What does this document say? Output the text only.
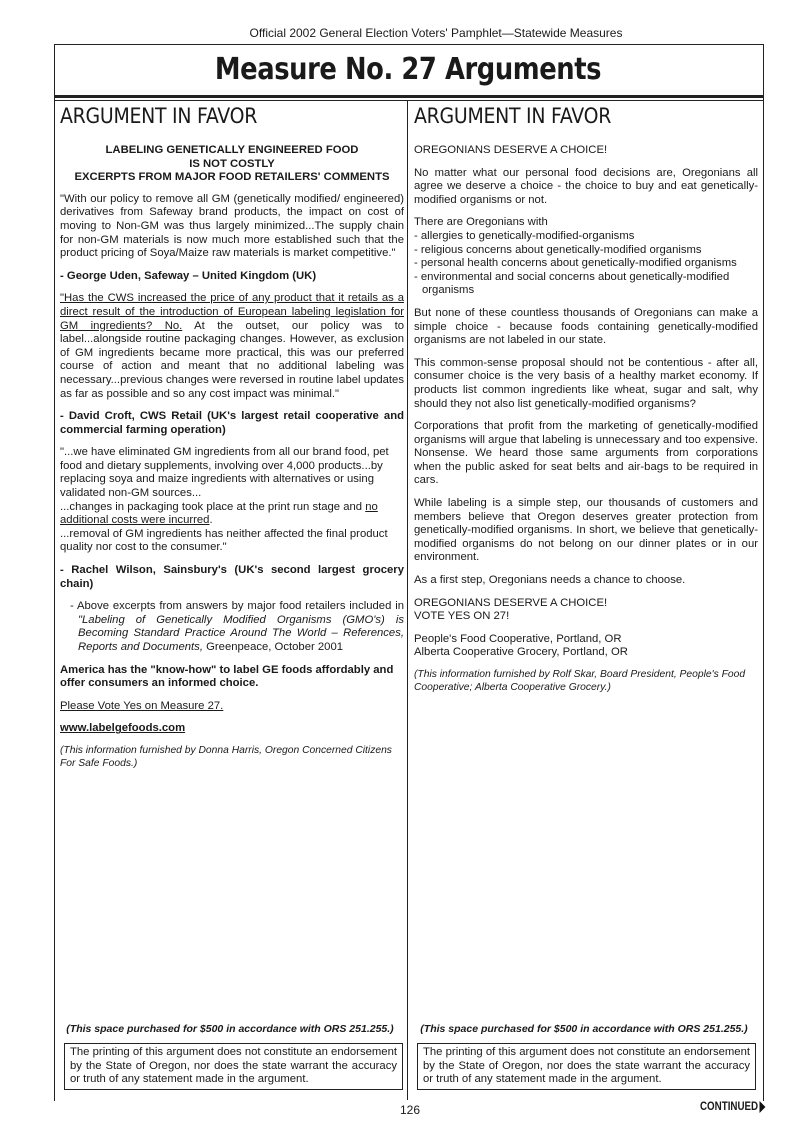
Official 2002 General Election Voters' Pamphlet—Statewide Measures
Measure No. 27 Arguments
ARGUMENT IN FAVOR
LABELING GENETICALLY ENGINEERED FOOD
IS NOT COSTLY
EXCERPTS FROM MAJOR FOOD RETAILERS' COMMENTS

"With our policy to remove all GM (genetically modified/ engineered) derivatives from Safeway brand products, the impact on cost of moving to Non-GM was thus largely minimized...The supply chain for non-GM materials is now much more established such that the product pricing of Soya/Maize raw materials is market competitive."

- George Uden, Safeway – United Kingdom (UK)

"Has the CWS increased the price of any product that it retails as a direct result of the introduction of European labeling legislation for GM ingredients? No. At the outset, our policy was to label...alongside routine packaging changes. However, as exclusion of GM ingredients became more practical, this was our preferred course of action and meant that no additional labeling was necessary...previous changes were reversed in routine label updates as far as possible and so any cost impact was minimal."

- David Croft, CWS Retail (UK's largest retail cooperative and commercial farming operation)

"...we have eliminated GM ingredients from all our brand food, pet food and dietary supplements, involving over 4,000 products...by replacing soya and maize ingredients with alternatives or using validated non-GM sources...
...changes in packaging took place at the print run stage and no additional costs were incurred.
...removal of GM ingredients has neither affected the final product quality nor cost to the consumer."

- Rachel Wilson, Sainsbury's (UK's second largest grocery chain)

- Above excerpts from answers by major food retailers included in "Labeling of Genetically Modified Organisms (GMO's) is Becoming Standard Practice Around The World – References, Reports and Documents, Greenpeace, October 2001

America has the "know-how" to label GE foods affordably and offer consumers an informed choice.

Please Vote Yes on Measure 27.

www.labelgefoods.com

(This information furnished by Donna Harris, Oregon Concerned Citizens For Safe Foods.)

ARGUMENT IN FAVOR

OREGONIANS DESERVE A CHOICE!

No matter what our personal food decisions are, Oregonians all agree we deserve a choice - the choice to buy and eat genetically-modified organisms or not.

There are Oregonians with

- allergies to genetically-modified-organisms
- religious concerns about genetically-modified organisms
- personal health concerns about genetically-modified organisms
- environmental and social concerns about genetically-modified organisms

But none of these countless thousands of Oregonians can make a simple choice - because foods containing genetically-modified organisms are not labeled in our state.

This common-sense proposal should not be contentious - after all, consumer choice is the very basis of a healthy market economy. If products list common ingredients like wheat, sugar and salt, why should they not also list genetically-modified organisms?

Corporations that profit from the marketing of genetically-modified organisms will argue that labeling is unnecessary and too expensive. Nonsense. We heard those same arguments from corporations when the public asked for seat belts and air-bags to be required in cars.

While labeling is a simple step, our thousands of customers and members believe that Oregon deserves greater protection from genetically-modified organisms. In short, we believe that genetically-modified organisms do not belong on our dinner plates or in our environment.

As a first step, Oregonians needs a chance to choose.

OREGONIANS DESERVE A CHOICE!
VOTE YES ON 27!

People's Food Cooperative, Portland, OR
Alberta Cooperative Grocery, Portland, OR

(This information furnished by Rolf Skar, Board President, People's Food Cooperative; Alberta Cooperative Grocery.)

(This space purchased for $500 in accordance with ORS 251.255.)	(This space purchased for $500 in accordance with ORS 251.255.)
The printing of this argument does not constitute an endorsement by the State of Oregon, nor does the state warrant the accuracy or truth of any statement made in the argument.
The printing of this argument does not constitute an endorsement by the State of Oregon, nor does the state warrant the accuracy or truth of any statement made in the argument.
126	CONTINUED
